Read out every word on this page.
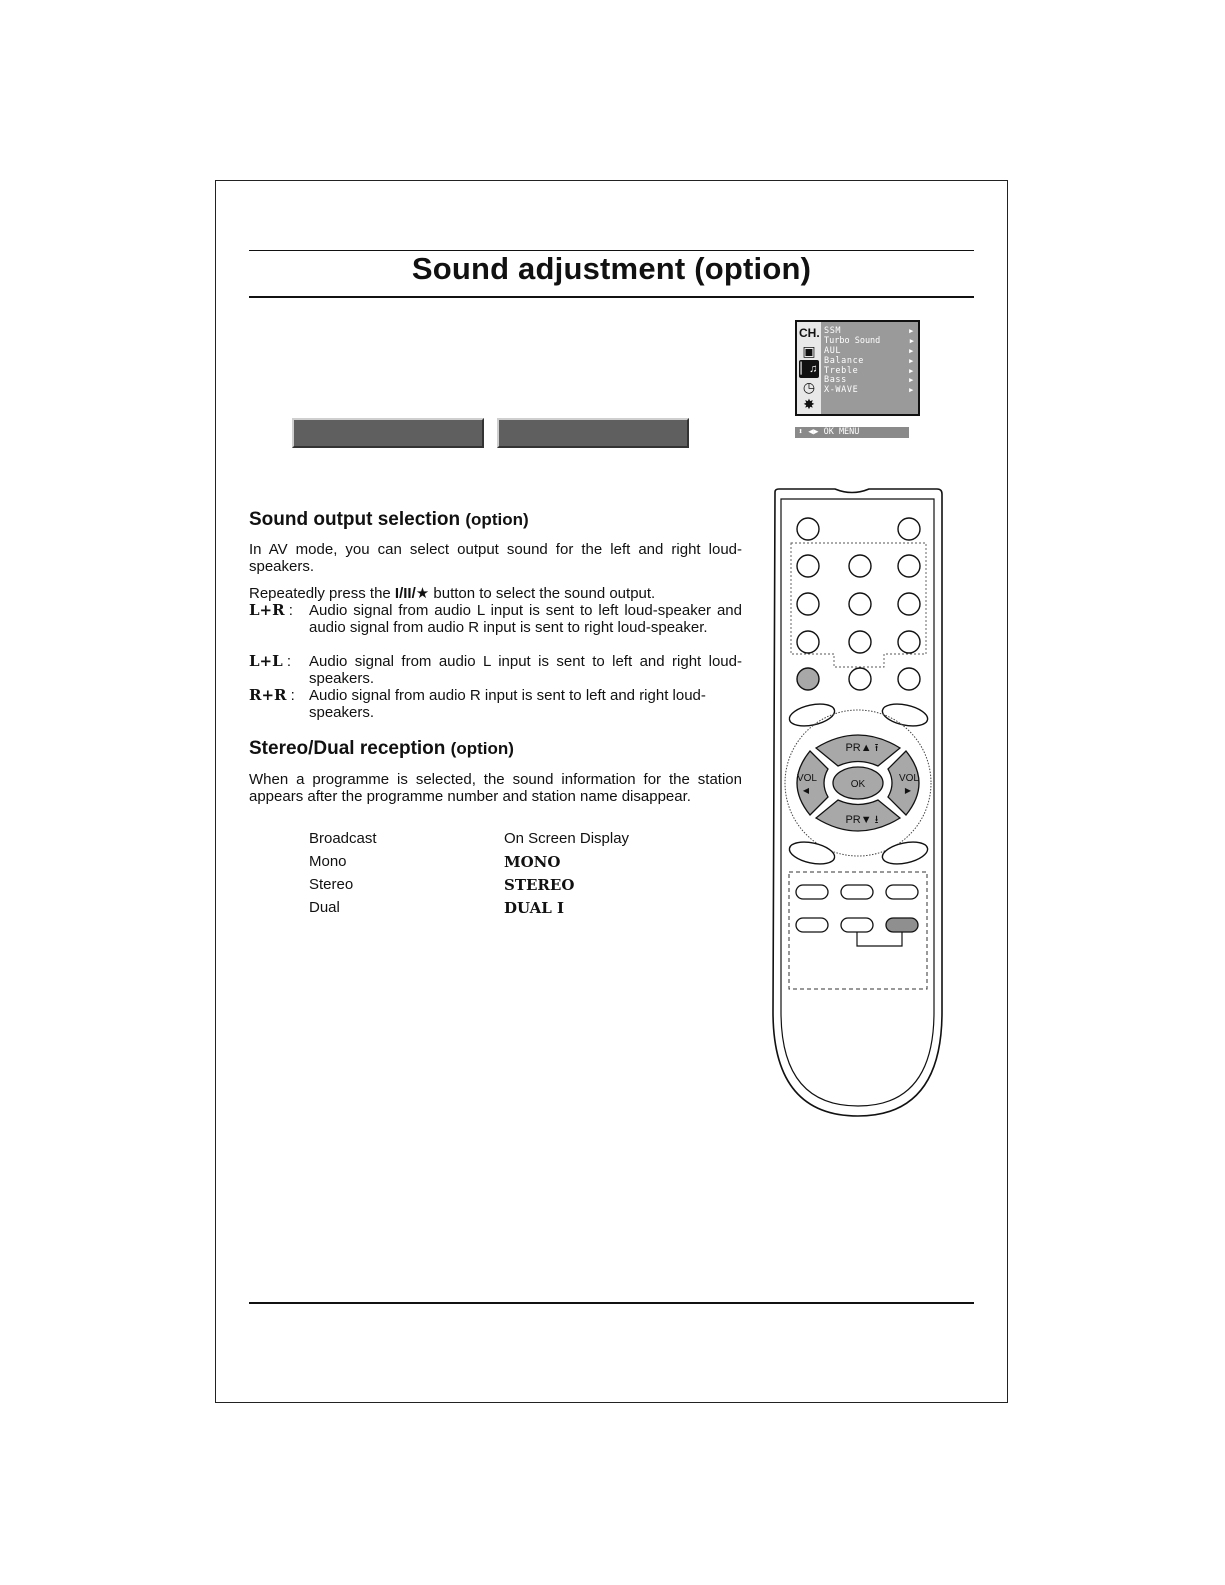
Sound adjustment (option)
CH.
▣
▏♫
◷
✸
SSM	▶
Turbo Sound	▶
AUL	▶
Balance	▶
Treble	▶
Bass	▶
X-WAVE	▶
⬍ ◀▶ OK MENU
Sound output selection (option)
In AV mode, you can select output sound for the left and right loud-speakers.
Repeatedly press the I/II/★ button to select the sound output.
L+R : Audio signal from audio L input is sent to left loud-speaker and audio signal from audio R input is sent to right loud-speaker.
L+L : Audio signal from audio L input is sent to left and right loud-speakers.
R+R : Audio signal from audio R input is sent to left and right loud-speakers.
Stereo/Dual reception (option)
When a programme is selected, the sound information for the station appears after the programme number and station name disappear.
Broadcast	On Screen Display
Mono	MONO
Stereo	STEREO
Dual	DUAL I
PR▲ ⭱
PR▼ ⭳
VOL
◀
VOL
▶
OK
